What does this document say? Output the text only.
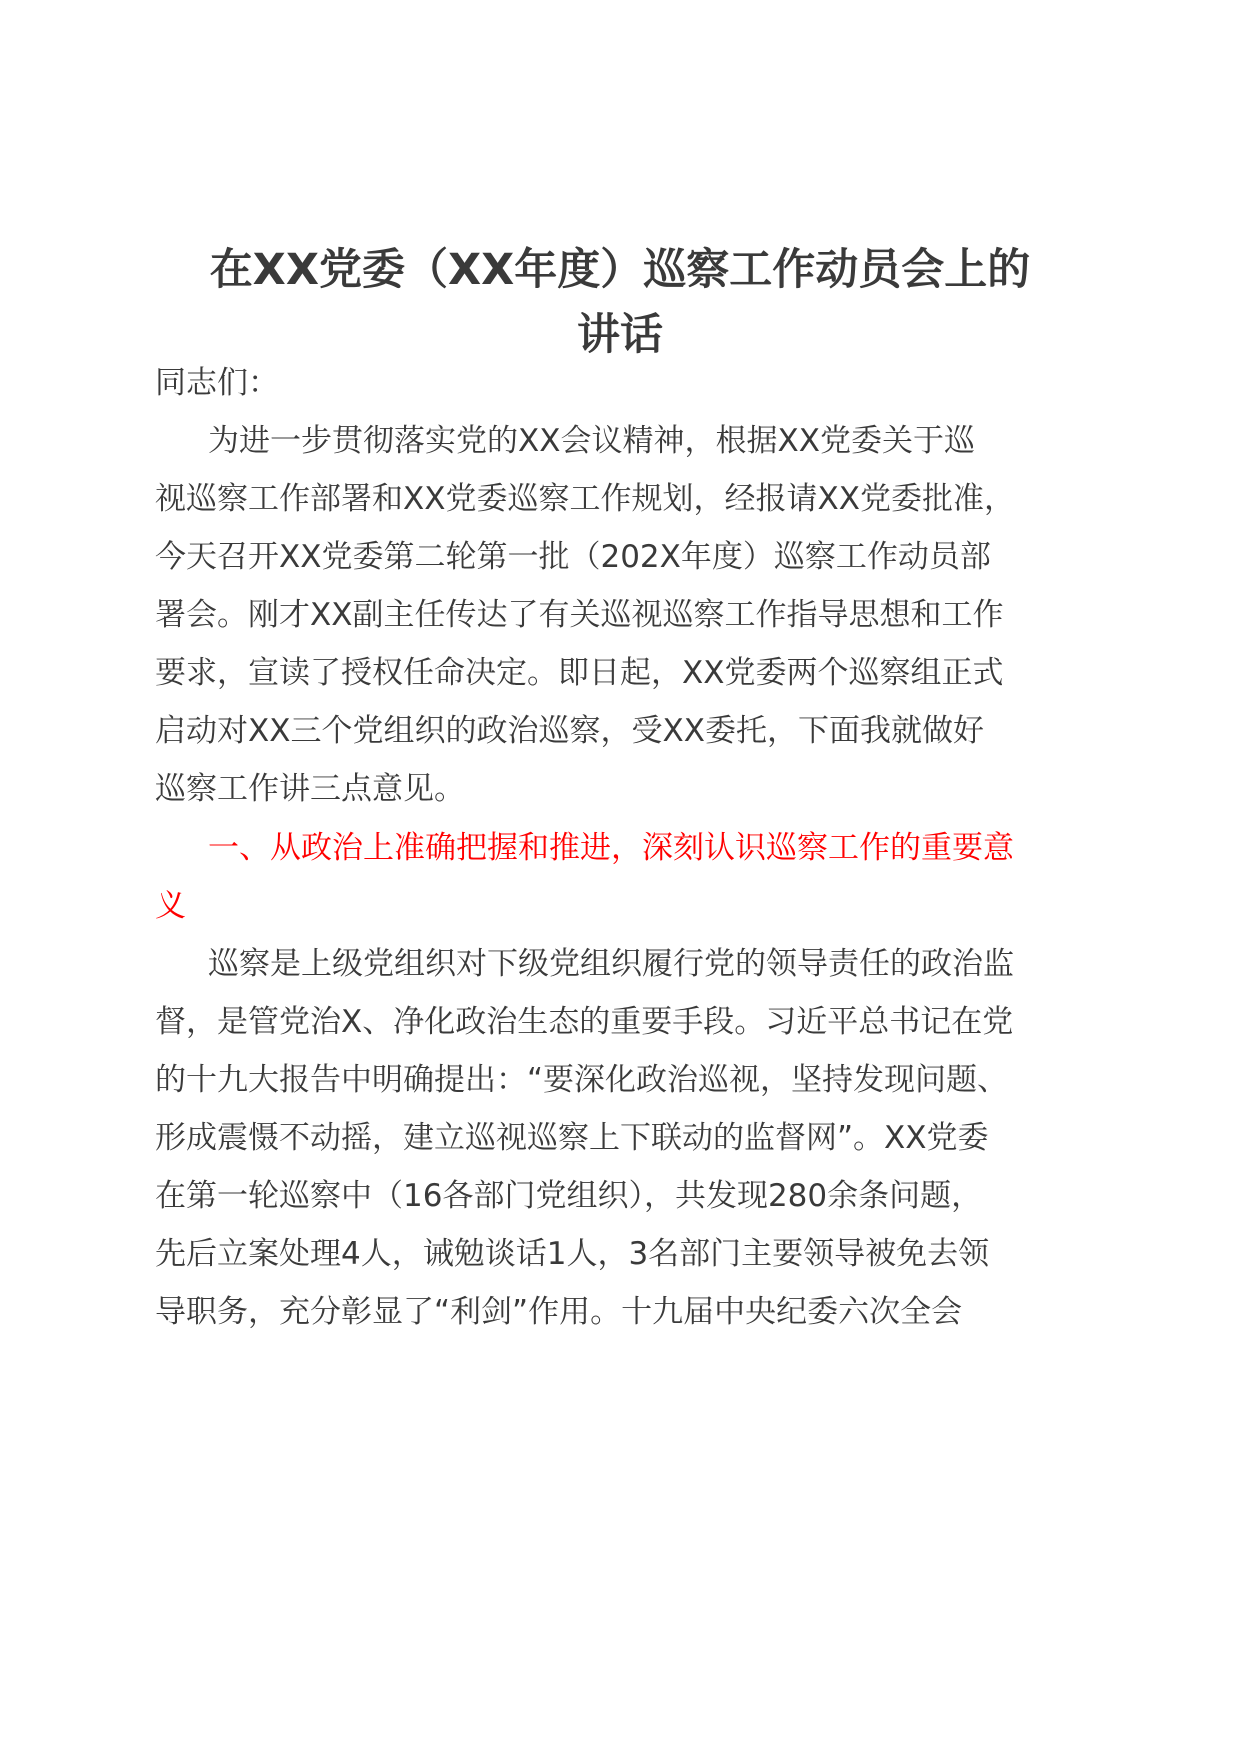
在XX党委（XX年度）巡察工作动员会上的
讲话

同志们：

为进一步贯彻落实党的XX会议精神，根据XX党委关于巡

视巡察工作部署和XX党委巡察工作规划，经报请XX党委批准，

今天召开XX党委第二轮第一批（202X年度）巡察工作动员部

署会。刚才XX副主任传达了有关巡视巡察工作指导思想和工作

要求，宣读了授权任命决定。即日起，XX党委两个巡察组正式

启动对XX三个党组织的政治巡察，受XX委托，下面我就做好

巡察工作讲三点意见。

一、从政治上准确把握和推进，深刻认识巡察工作的重要意

义

巡察是上级党组织对下级党组织履行党的领导责任的政治监

督，是管党治X、净化政治生态的重要手段。习近平总书记在党

的十九大报告中明确提出：“要深化政治巡视，坚持发现问题、

形成震慑不动摇，建立巡视巡察上下联动的监督网”。XX党委

在第一轮巡察中（16各部门党组织），共发现280余条问题，

先后立案处理4人，诫勉谈话1人，3名部门主要领导被免去领

导职务，充分彰显了“利剑”作用。十九届中央纪委六次全会
